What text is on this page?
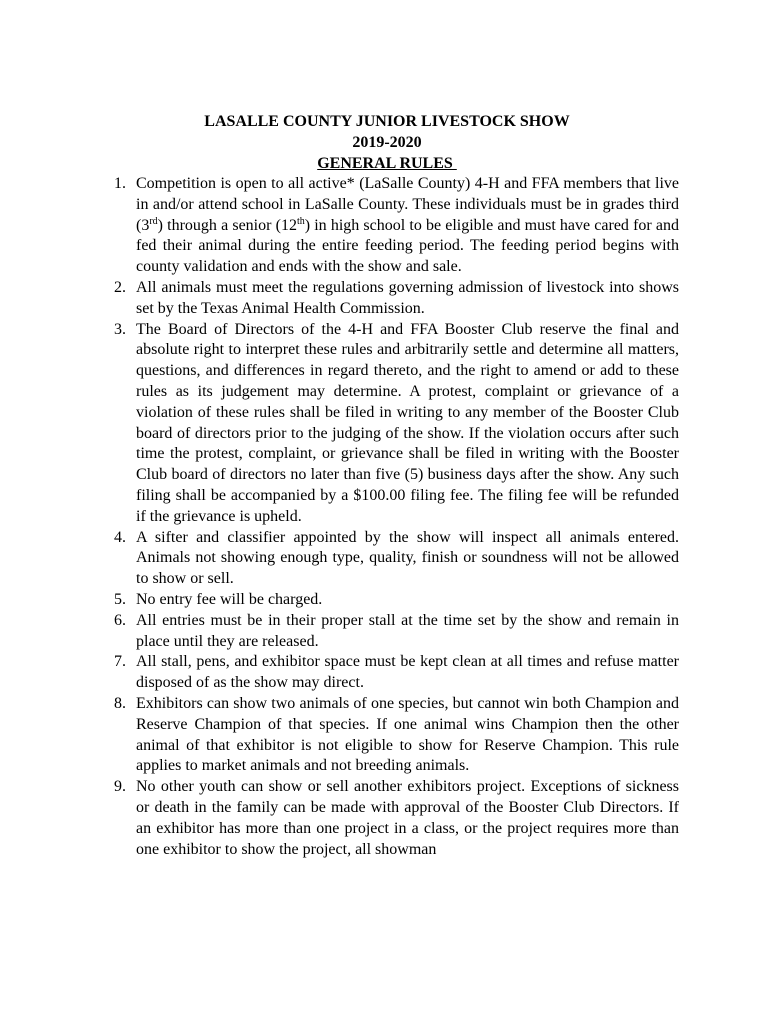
LASALLE COUNTY JUNIOR LIVESTOCK SHOW
2019-2020
GENERAL RULES
1. Competition is open to all active* (LaSalle County) 4-H and FFA members that live in and/or attend school in LaSalle County. These individuals must be in grades third (3rd) through a senior (12th) in high school to be eligible and must have cared for and fed their animal during the entire feeding period. The feeding period begins with county validation and ends with the show and sale.
2. All animals must meet the regulations governing admission of livestock into shows set by the Texas Animal Health Commission.
3. The Board of Directors of the 4-H and FFA Booster Club reserve the final and absolute right to interpret these rules and arbitrarily settle and determine all matters, questions, and differences in regard thereto, and the right to amend or add to these rules as its judgement may determine. A protest, complaint or grievance of a violation of these rules shall be filed in writing to any member of the Booster Club board of directors prior to the judging of the show. If the violation occurs after such time the protest, complaint, or grievance shall be filed in writing with the Booster Club board of directors no later than five (5) business days after the show. Any such filing shall be accompanied by a $100.00 filing fee. The filing fee will be refunded if the grievance is upheld.
4. A sifter and classifier appointed by the show will inspect all animals entered. Animals not showing enough type, quality, finish or soundness will not be allowed to show or sell.
5. No entry fee will be charged.
6. All entries must be in their proper stall at the time set by the show and remain in place until they are released.
7. All stall, pens, and exhibitor space must be kept clean at all times and refuse matter disposed of as the show may direct.
8. Exhibitors can show two animals of one species, but cannot win both Champion and Reserve Champion of that species. If one animal wins Champion then the other animal of that exhibitor is not eligible to show for Reserve Champion. This rule applies to market animals and not breeding animals.
9. No other youth can show or sell another exhibitors project. Exceptions of sickness or death in the family can be made with approval of the Booster Club Directors. If an exhibitor has more than one project in a class, or the project requires more than one exhibitor to show the project, all showman
